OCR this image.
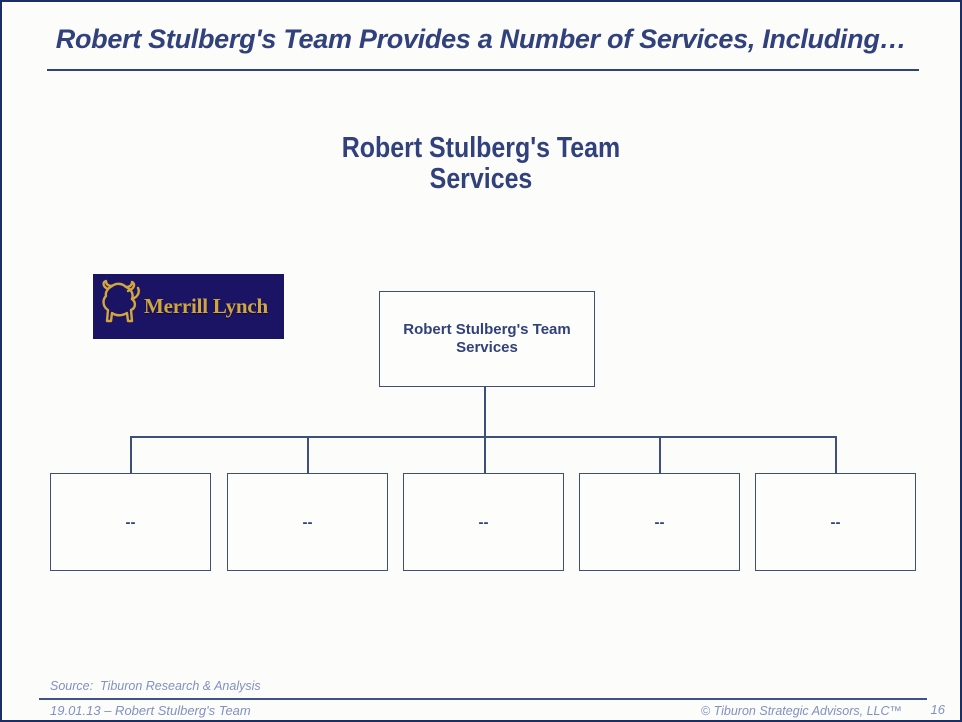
Robert Stulberg's Team Provides a Number of Services, Including…
Robert Stulberg's Team
Services
Merrill Lynch
Robert Stulberg's Team
Services
--	--	--	--	--
Source:  Tiburon Research & Analysis
19.01.13 – Robert Stulberg's Team	© Tiburon Strategic Advisors, LLC™ 16
